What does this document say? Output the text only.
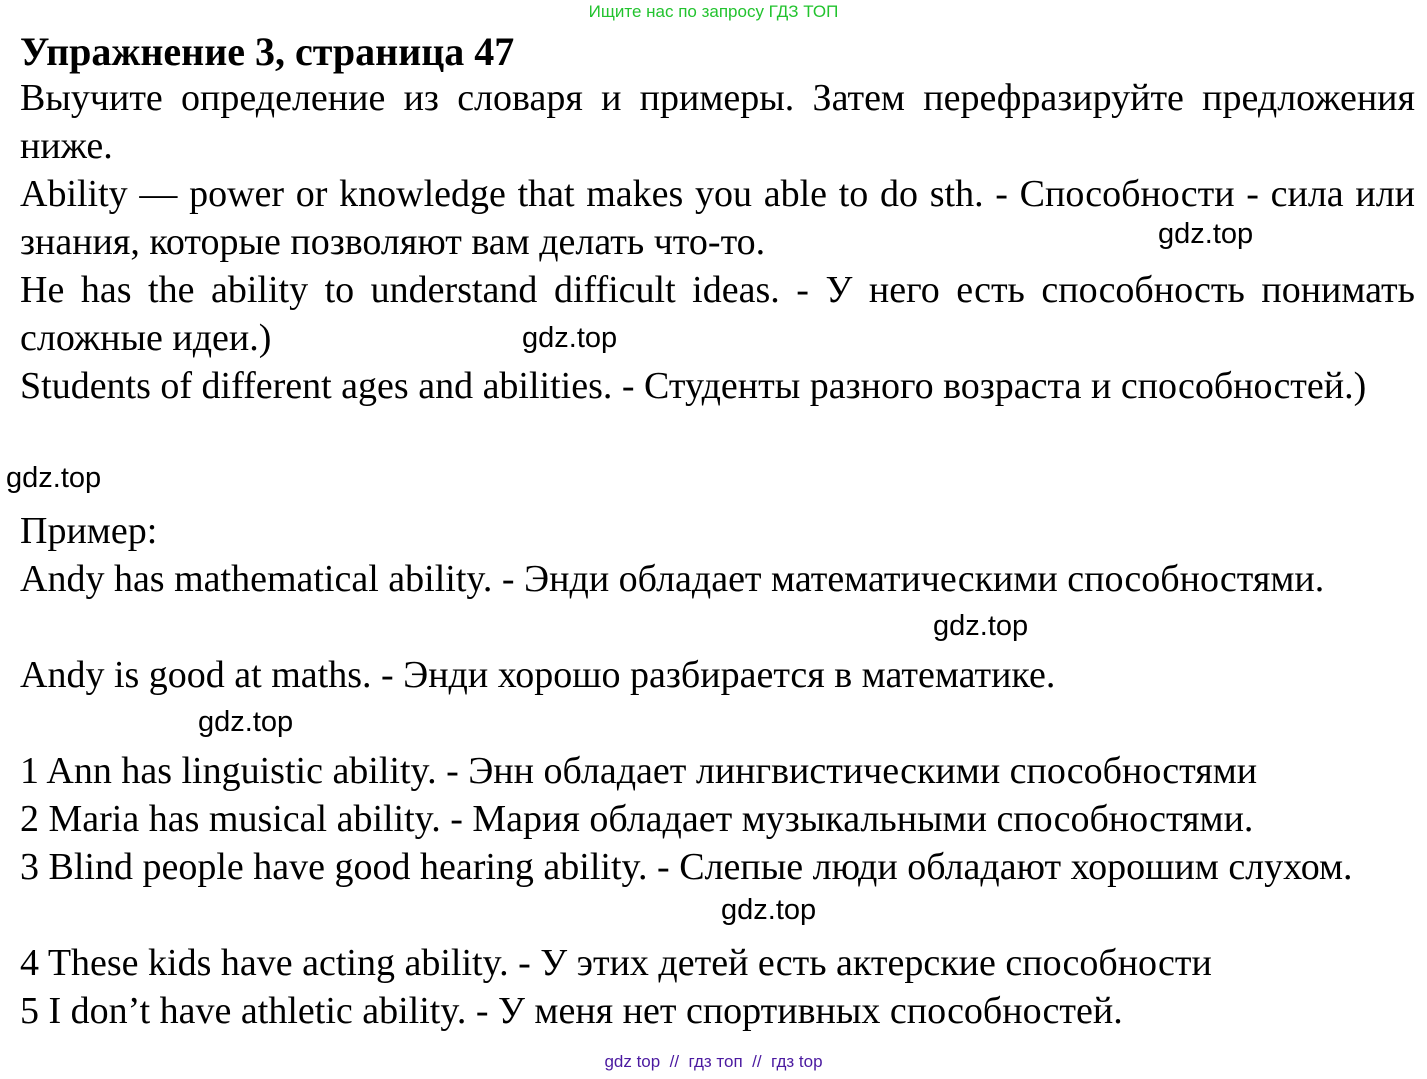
Ищите нас по запросу ГДЗ ТОП
Упражнение 3, страница 47
Выучите определение из словаря и примеры. Затем перефразируйте предложения ниже.
Ability — power or knowledge that makes you able to do sth. - Способности - сила или знания, которые позволяют вам делать что-то.
He has the ability to understand difficult ideas. - У него есть способность понимать сложные идеи.)
Students of different ages and abilities. - Студенты разного возраста и способностей.)
Пример:
Andy has mathematical ability. - Энди обладает математическими способностями.
Andy is good at maths. - Энди хорошо разбирается в математике.
1 Ann has linguistic ability. - Энн обладает лингвистическими способностями
2 Maria has musical ability. - Мария обладает музыкальными способностями.
3 Blind people have good hearing ability. - Слепые люди обладают хорошим слухом.
4 These kids have acting ability. - У этих детей есть актерские способности
5 I don’t have athletic ability. - У меня нет спортивных способностей.
gdz.top
gdz.top
gdz.top
gdz.top
gdz.top
gdz.top
gdz top  //  гдз топ  //  гдз top
